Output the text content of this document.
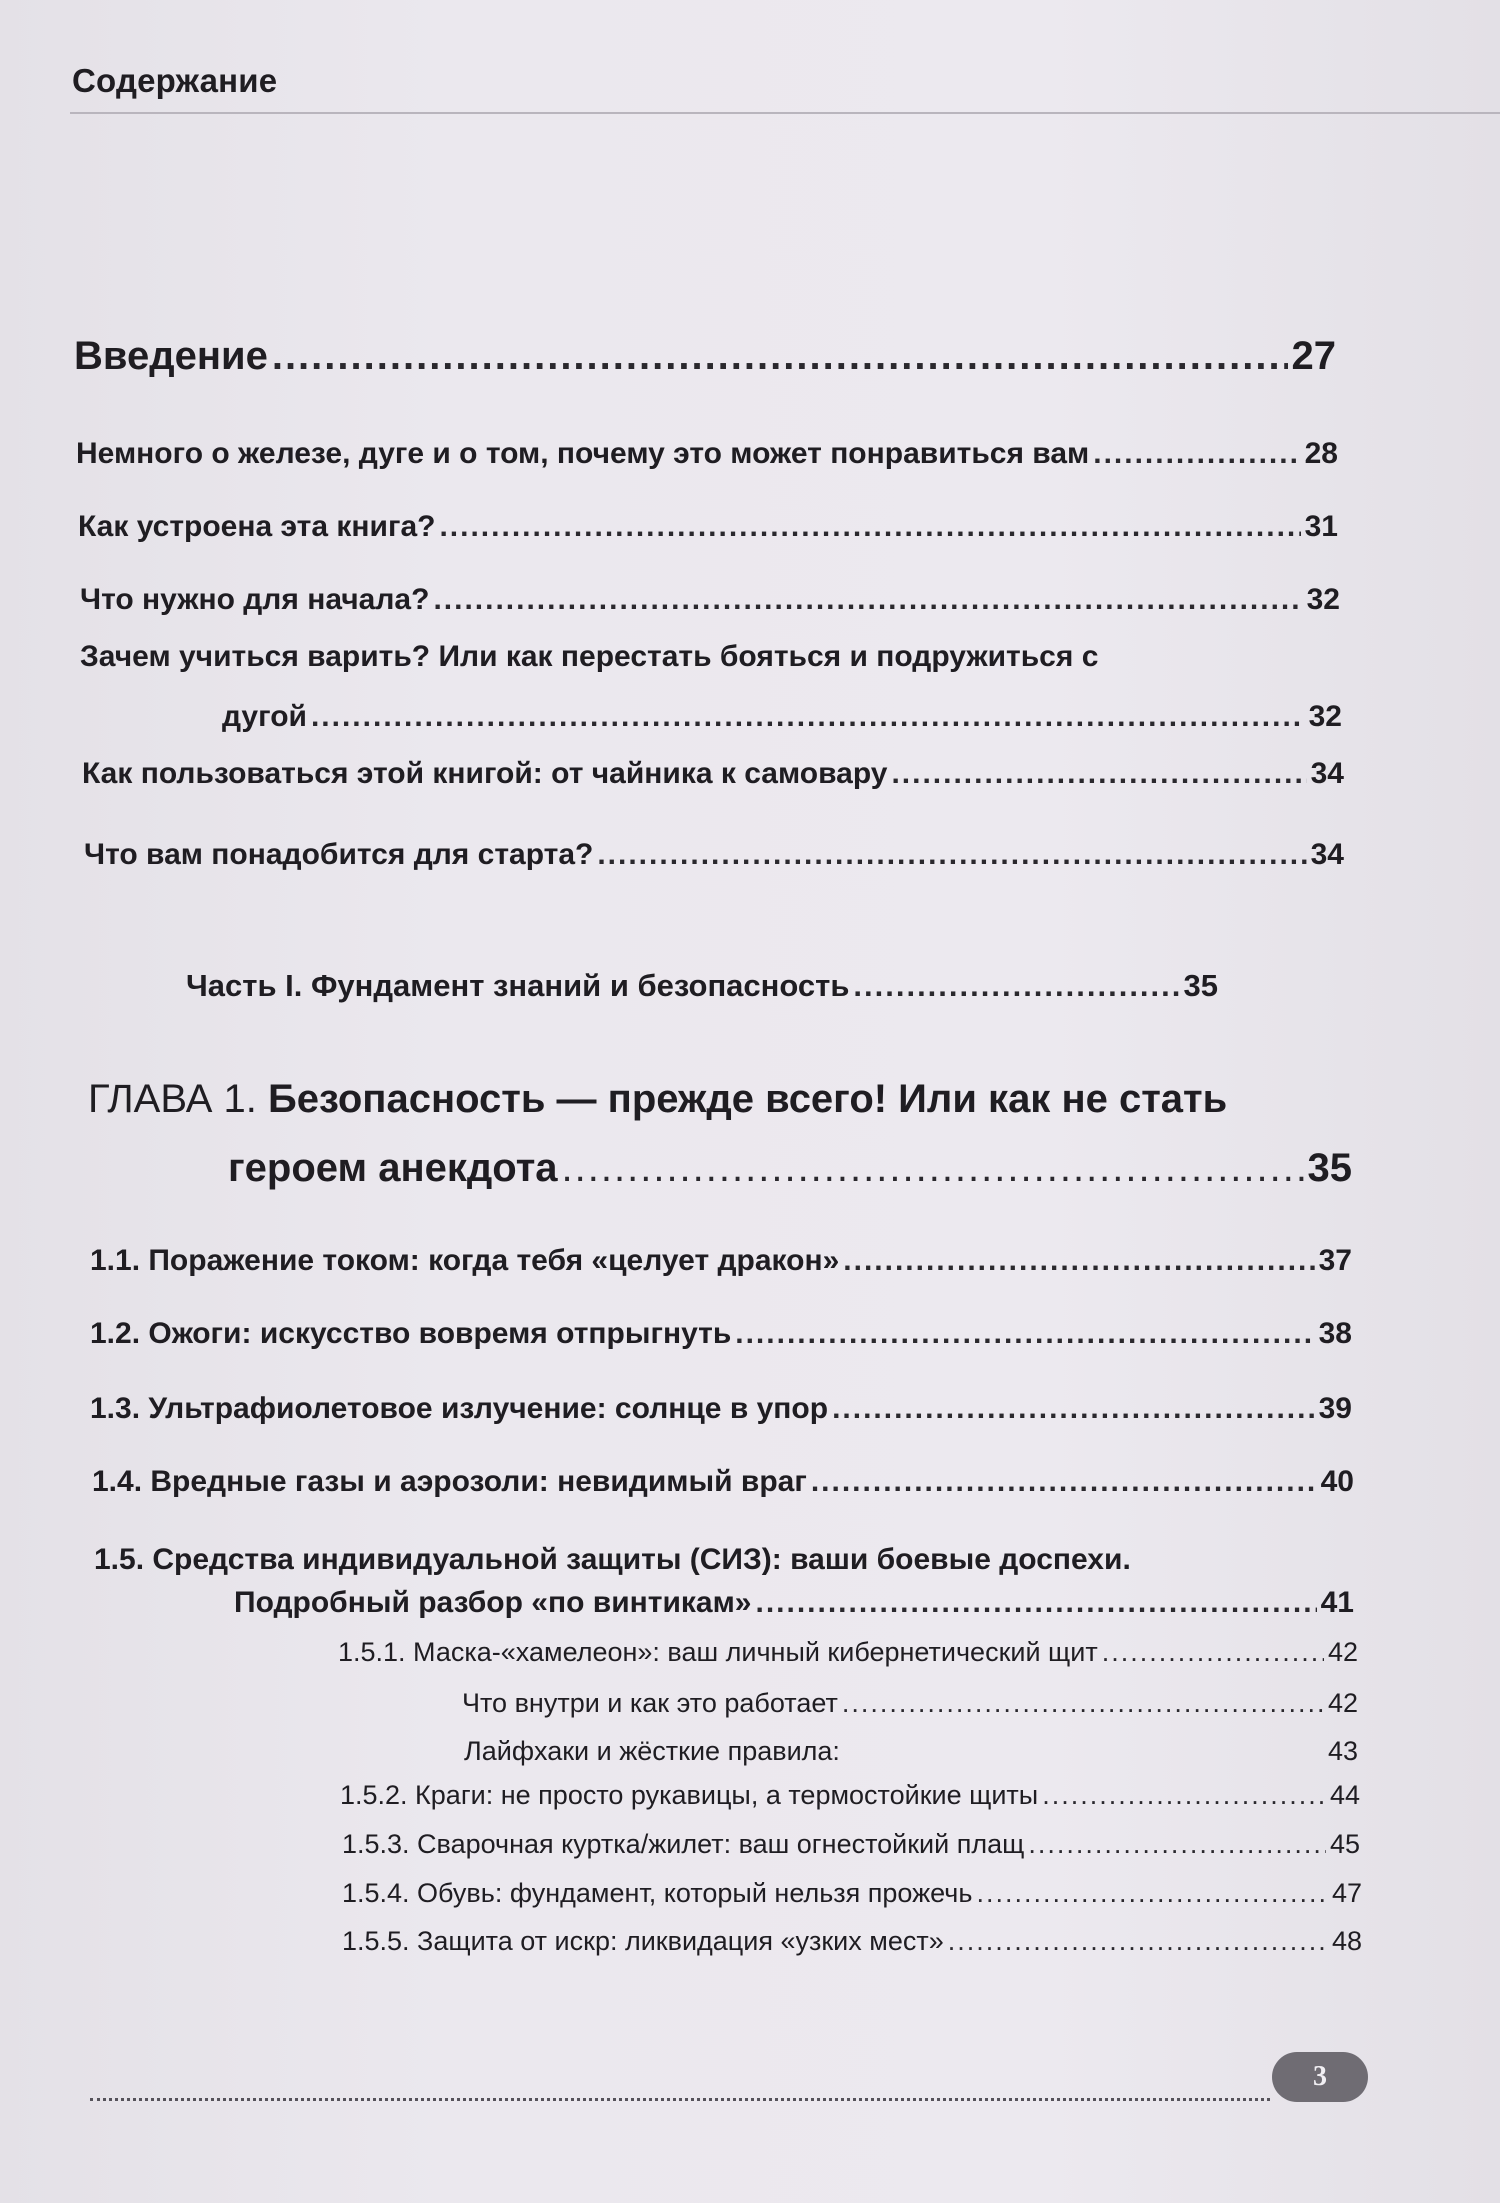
Содержание
Введение .....	27
Немного о железе, дуге и о том, почему это может понравиться вам .....	28
Как устроена эта книга? .....	31
Что нужно для начала? .....	32
Зачем учиться варить? Или как перестать бояться и подружиться с
дугой .....	32
Как пользоваться этой книгой: от чайника к самовару .....	34
Что вам понадобится для старта? .....	34
Часть I. Фундамент знаний и безопасность .....	35
ГЛАВА 1. Безопасность — прежде всего! Или как не стать
героем анекдота .....	35
1.1. Поражение током: когда тебя «целует дракон» .....	37
1.2. Ожоги: искусство вовремя отпрыгнуть .....	38
1.3. Ультрафиолетовое излучение: солнце в упор .....	39
1.4. Вредные газы и аэрозоли: невидимый враг .....	40
1.5. Средства индивидуальной защиты (СИЗ): ваши боевые доспехи.
Подробный разбор «по винтикам» .....	41
1.5.1. Маска-«хамелеон»: ваш личный кибернетический щит .....	42
Что внутри и как это работает .....	42
Лайфхаки и жёсткие правила:	43
1.5.2. Краги: не просто рукавицы, а термостойкие щиты .....	44
1.5.3. Сварочная куртка/жилет: ваш огнестойкий плащ .....	45
1.5.4. Обувь: фундамент, который нельзя прожечь .....	47
1.5.5. Защита от искр: ликвидация «узких мест» .....	48
3
